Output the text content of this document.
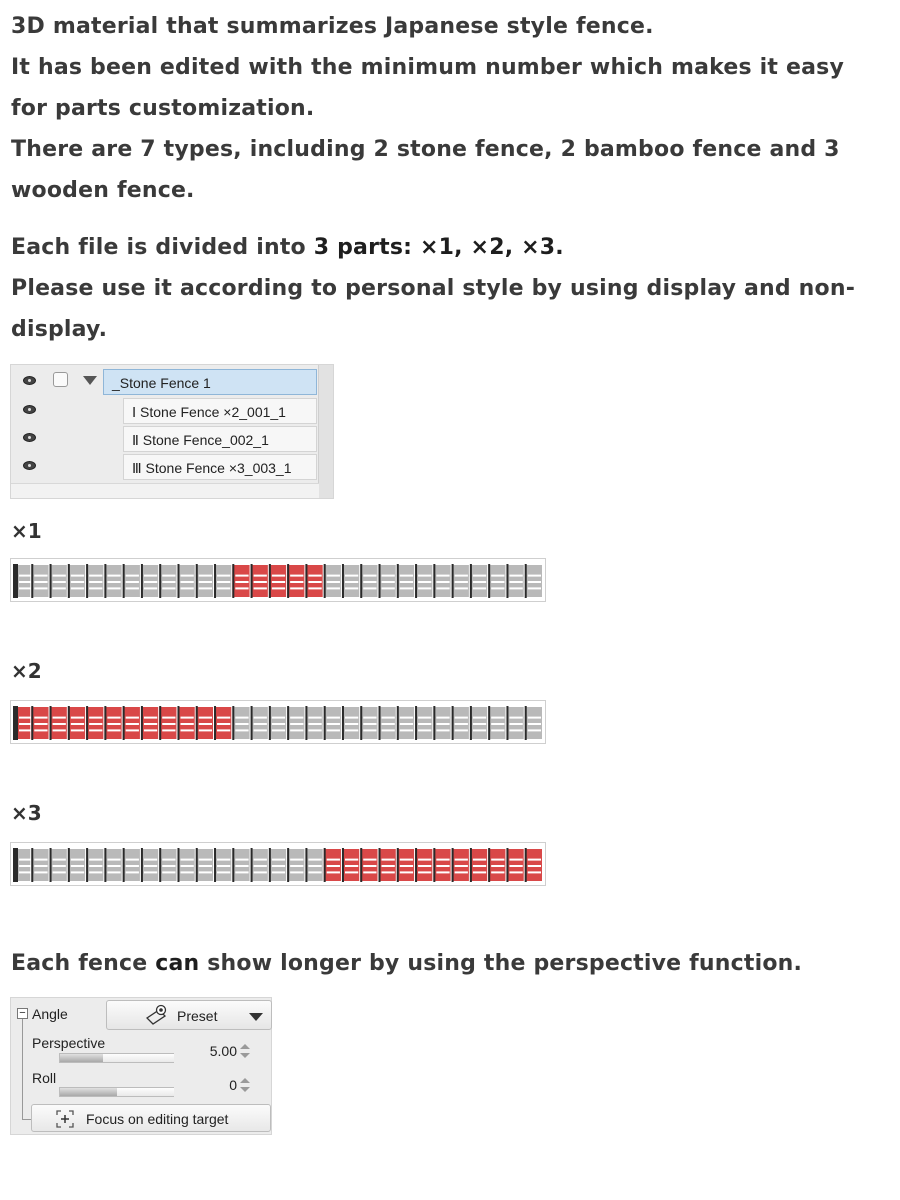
3D material that summarizes Japanese style fence.
It has been edited with the minimum number which makes it easy
for parts customization.
There are 7 types, including 2 stone fence, 2 bamboo fence and 3
wooden fence.
Each file is divided into 3 parts: ×1, ×2, ×3.
Please use it according to personal style by using display and non-
display.
_Stone Fence 1
Ⅰ Stone Fence ×2_001_1
Ⅱ Stone Fence_002_1
Ⅲ Stone Fence ×3_003_1
×1
×2
×3
Each fence can show longer by using the perspective function.
− Angle	Preset
Perspective	5.00
Roll	0
Focus on editing target
